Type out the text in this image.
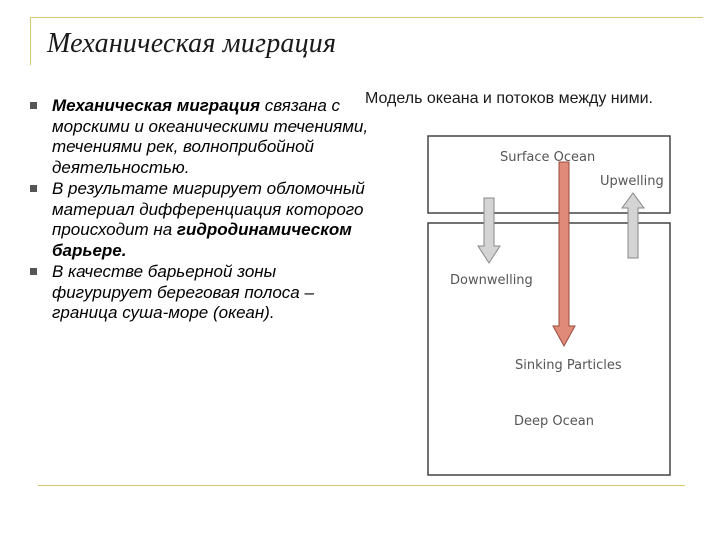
Механическая миграция
Механическая миграция связана с морскими и океаническими течениями, течениями рек, волноприбойной деятельностью.
В результате мигрирует обломочный материал дифференциация которого происходит на гидродинамическом барьере.
В качестве барьерной зоны фигурирует береговая полоса – граница суша-море (океан).
Модель океана и потоков между ними.
Surface Ocean
Upwelling
Downwelling
Sinking Particles
Deep Ocean
